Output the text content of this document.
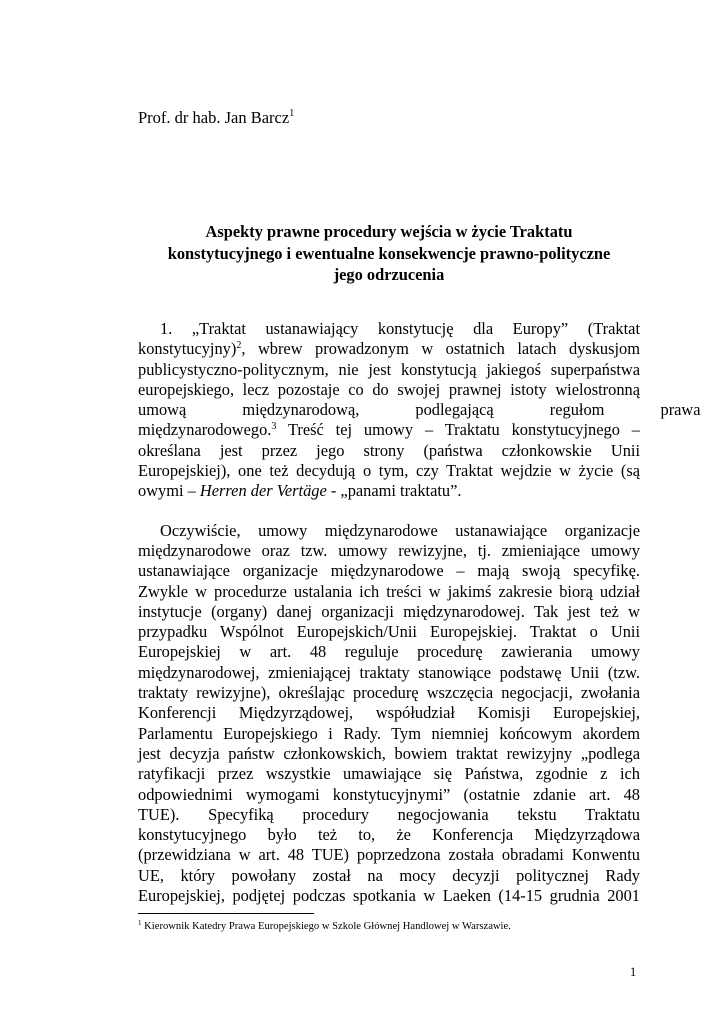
Prof. dr hab. Jan Barcz$^1$
Aspekty prawne procedury wejścia w życie Traktatu
konstytucyjnego i ewentualne konsekwencje prawno-polityczne
jego odrzucenia
1. „Traktat ustanawiający konstytucję dla Europy” (Traktat
konstytucyjny)$^2$, wbrew prowadzonym w ostatnich latach dyskusjom
publicystyczno-politycznym, nie jest konstytucją jakiegoś superpaństwa
europejskiego, lecz pozostaje co do swojej prawnej istoty wielostronną
umową międzynarodową, podlegającą regułom prawa
międzynarodowego.$^3$ Treść tej umowy – Traktatu konstytucyjnego –
określana jest przez jego strony (państwa członkowskie Unii
Europejskiej), one też decydują o tym, czy Traktat wejdzie w życie (są
owymi – Herren der Vertäge - „panami traktatu”.
Oczywiście, umowy międzynarodowe ustanawiające organizacje
międzynarodowe oraz tzw. umowy rewizyjne, tj. zmieniające umowy
ustanawiające organizacje międzynarodowe – mają swoją specyfikę.
Zwykle w procedurze ustalania ich treści w jakimś zakresie biorą udział
instytucje (organy) danej organizacji międzynarodowej. Tak jest też w
przypadku Wspólnot Europejskich/Unii Europejskiej. Traktat o Unii
Europejskiej w art. 48 reguluje procedurę zawierania umowy
międzynarodowej, zmieniającej traktaty stanowiące podstawę Unii (tzw.
traktaty rewizyjne), określając procedurę wszczęcia negocjacji, zwołania
Konferencji Międzyrządowej, współudział Komisji Europejskiej,
Parlamentu Europejskiego i Rady. Tym niemniej końcowym akordem
jest decyzja państw członkowskich, bowiem traktat rewizyjny „podlega
ratyfikacji przez wszystkie umawiające się Państwa, zgodnie z ich
odpowiednimi wymogami konstytucyjnymi” (ostatnie zdanie art. 48
TUE). Specyfiką procedury negocjowania tekstu Traktatu
konstytucyjnego było też to, że Konferencja Międzyrządowa
(przewidziana w art. 48 TUE) poprzedzona została obradami Konwentu
UE, który powołany został na mocy decyzji politycznej Rady
Europejskiej, podjętej podczas spotkania w Laeken (14-15 grudnia 2001
$^1$ Kierownik Katedry Prawa Europejskiego w Szkole Głównej Handlowej w Warszawie.
1
